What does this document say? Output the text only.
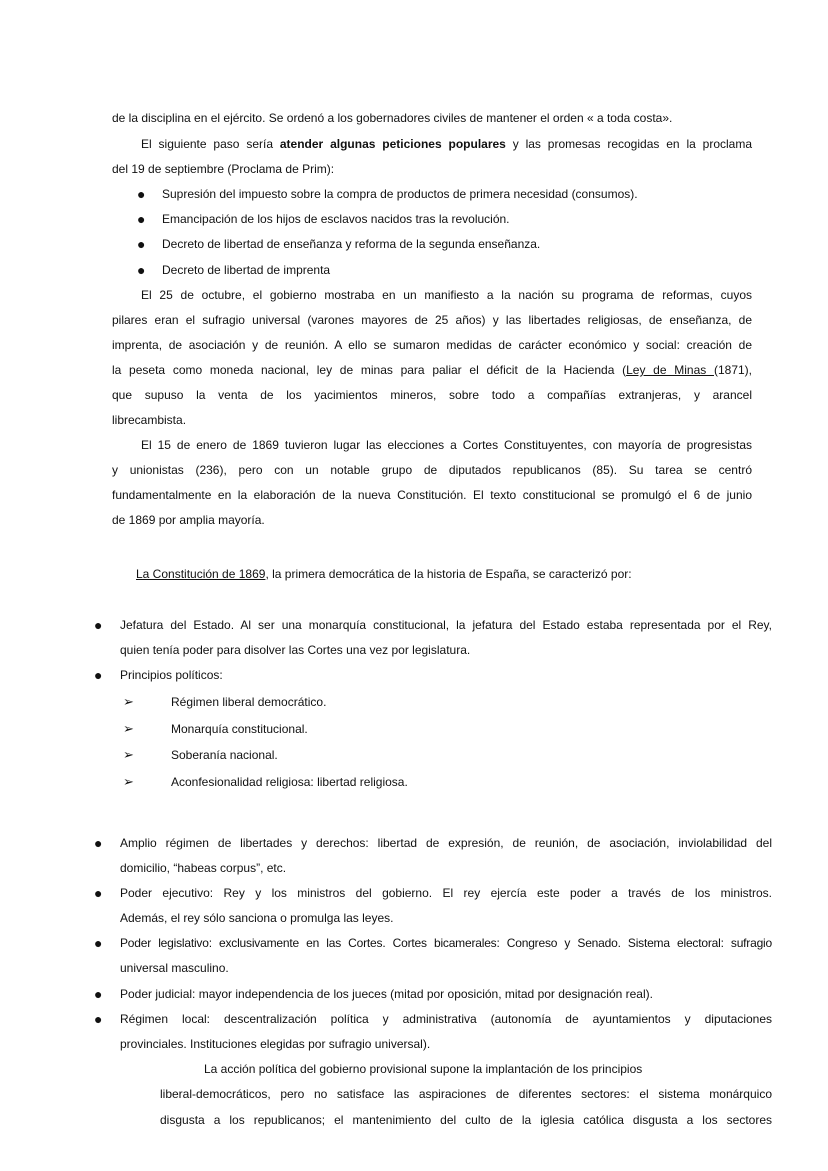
de la disciplina en el ejército. Se ordenó a los gobernadores civiles de mantener el orden « a toda costa».
El siguiente paso sería atender algunas peticiones populares y las promesas recogidas en la proclama
del 19 de septiembre (Proclama de Prim):
● Supresión del impuesto sobre la compra de productos de primera necesidad (consumos).
● Emancipación de los hijos de esclavos nacidos tras la revolución.
● Decreto de libertad de enseñanza y reforma de la segunda enseñanza.
● Decreto de libertad de imprenta
El 25 de octubre, el gobierno mostraba en un manifiesto a la nación su programa de reformas, cuyos
pilares eran el sufragio universal (varones mayores de 25 años) y las libertades religiosas, de enseñanza, de
imprenta, de asociación y de reunión. A ello se sumaron medidas de carácter económico y social: creación de
la peseta como moneda nacional, ley de minas para paliar el déficit de la Hacienda (Ley de Minas (1871),
que supuso la venta de los yacimientos mineros, sobre todo a compañías extranjeras, y arancel
librecambista.
El 15 de enero de 1869 tuvieron lugar las elecciones a Cortes Constituyentes, con mayoría de progresistas
y unionistas (236), pero con un notable grupo de diputados republicanos (85). Su tarea se centró
fundamentalmente en la elaboración de la nueva Constitución. El texto constitucional se promulgó el 6 de junio
de 1869 por amplia mayoría.
La Constitución de 1869, la primera democrática de la historia de España, se caracterizó por:
● Jefatura del Estado. Al ser una monarquía constitucional, la jefatura del Estado estaba representada por el Rey,
quien tenía poder para disolver las Cortes una vez por legislatura.
● Principios políticos:
➢	Régimen liberal democrático.
➢	Monarquía constitucional.
➢	Soberanía nacional.
➢	Aconfesionalidad religiosa: libertad religiosa.
● Amplio régimen de libertades y derechos: libertad de expresión, de reunión, de asociación, inviolabilidad del
domicilio, “habeas corpus”, etc.
● Poder ejecutivo: Rey y los ministros del gobierno. El rey ejercía este poder a través de los ministros.
Además, el rey sólo sanciona o promulga las leyes.
● Poder legislativo: exclusivamente en las Cortes. Cortes bicamerales: Congreso y Senado. Sistema electoral: sufragio
universal masculino.
● Poder judicial: mayor independencia de los jueces (mitad por oposición, mitad por designación real).
● Régimen local: descentralización política y administrativa (autonomía de ayuntamientos y diputaciones
provinciales. Instituciones elegidas por sufragio universal).
La acción política del gobierno provisional supone la implantación de los principios
liberal-democráticos, pero no satisface las aspiraciones de diferentes sectores: el sistema monárquico
disgusta a los republicanos; el mantenimiento del culto de la iglesia católica disgusta a los sectores
